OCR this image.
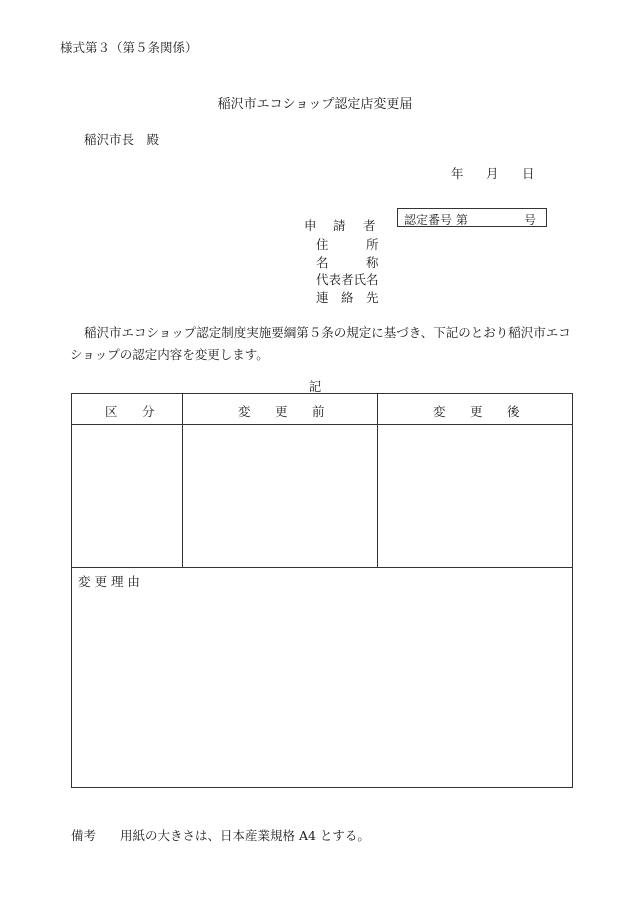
様式第３（第５条関係）
稲沢市エコショップ認定店変更届
稲沢市長　殿
年 月 日
申 請 者
住	所
名	称
代表者氏名
連 絡 先
認定番号 第	号
稲沢市エコショップ認定制度実施要綱第５条の規定に基づき、下記のとおり稲沢市エコショップの認定内容を変更します。
記
区 分	変 更 前	変 更 後
変 更 理 由
備考 用紙の大きさは、日本産業規格 A4 とする。
